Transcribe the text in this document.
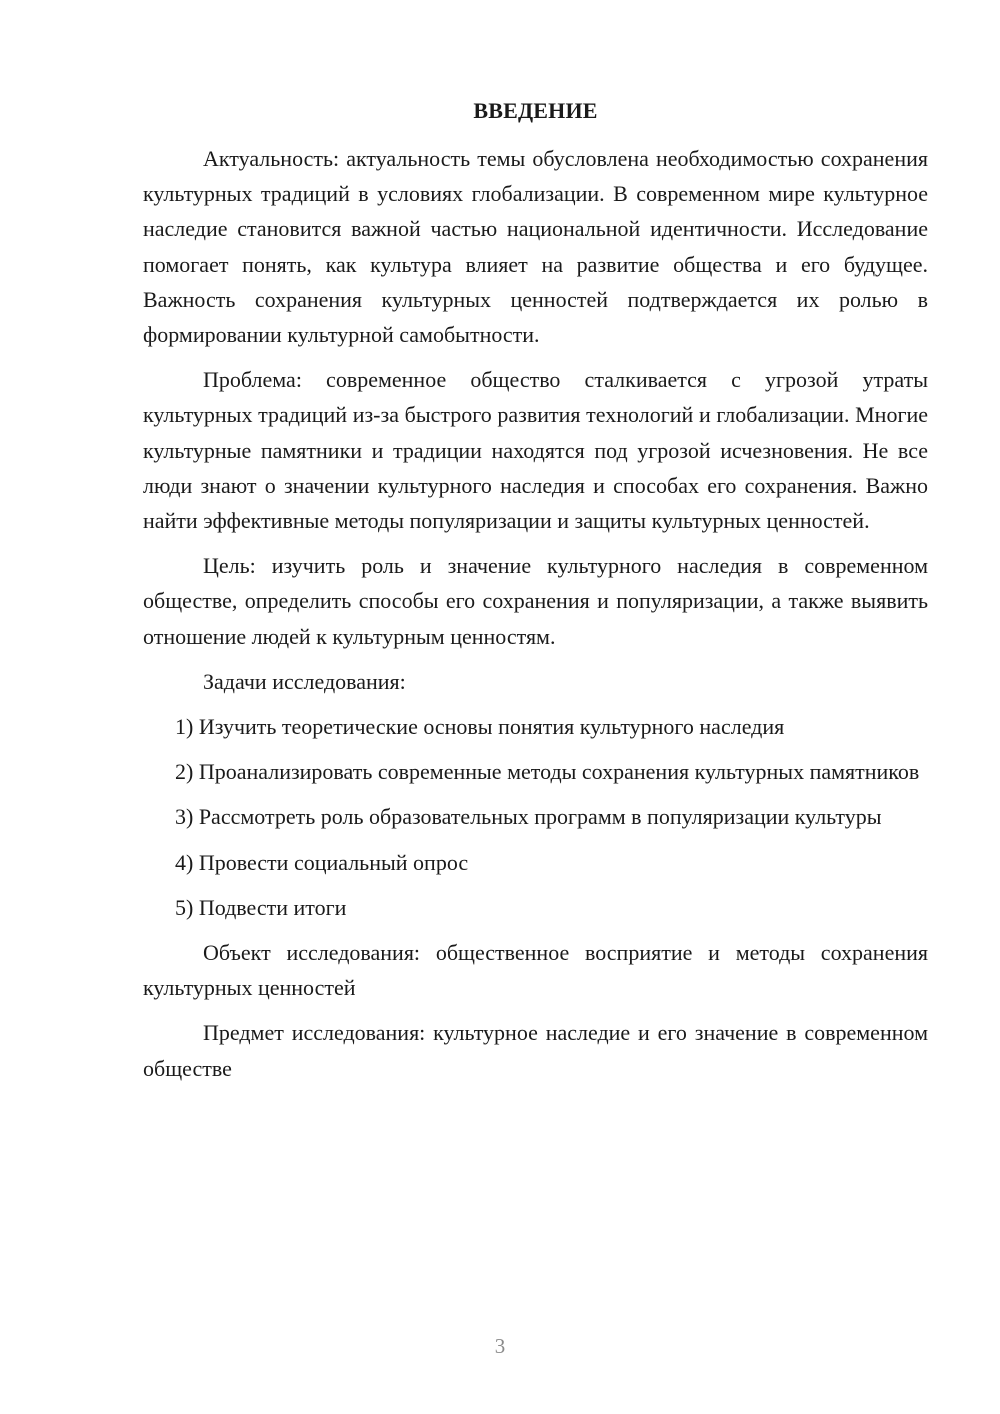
ВВЕДЕНИЕ

Актуальность: актуальность темы обусловлена необходимостью сохранения культурных традиций в условиях глобализации. В современном мире культурное наследие становится важной частью национальной идентичности. Исследование помогает понять, как культура влияет на развитие общества и его будущее. Важность сохранения культурных ценностей подтверждается их ролью в формировании культурной самобытности.

Проблема: современное общество сталкивается с угрозой утраты культурных традиций из-за быстрого развития технологий и глобализации. Многие культурные памятники и традиции находятся под угрозой исчезновения. Не все люди знают о значении культурного наследия и способах его сохранения. Важно найти эффективные методы популяризации и защиты культурных ценностей.

Цель: изучить роль и значение культурного наследия в современном обществе, определить способы его сохранения и популяризации, а также выявить отношение людей к культурным ценностям.

Задачи исследования:

1) Изучить теоретические основы понятия культурного наследия

2) Проанализировать современные методы сохранения культурных памятников

3) Рассмотреть роль образовательных программ в популяризации культуры

4) Провести социальный опрос

5) Подвести итоги

Объект исследования: общественное восприятие и методы сохранения культурных ценностей

Предмет исследования: культурное наследие и его значение в современном обществе

3
